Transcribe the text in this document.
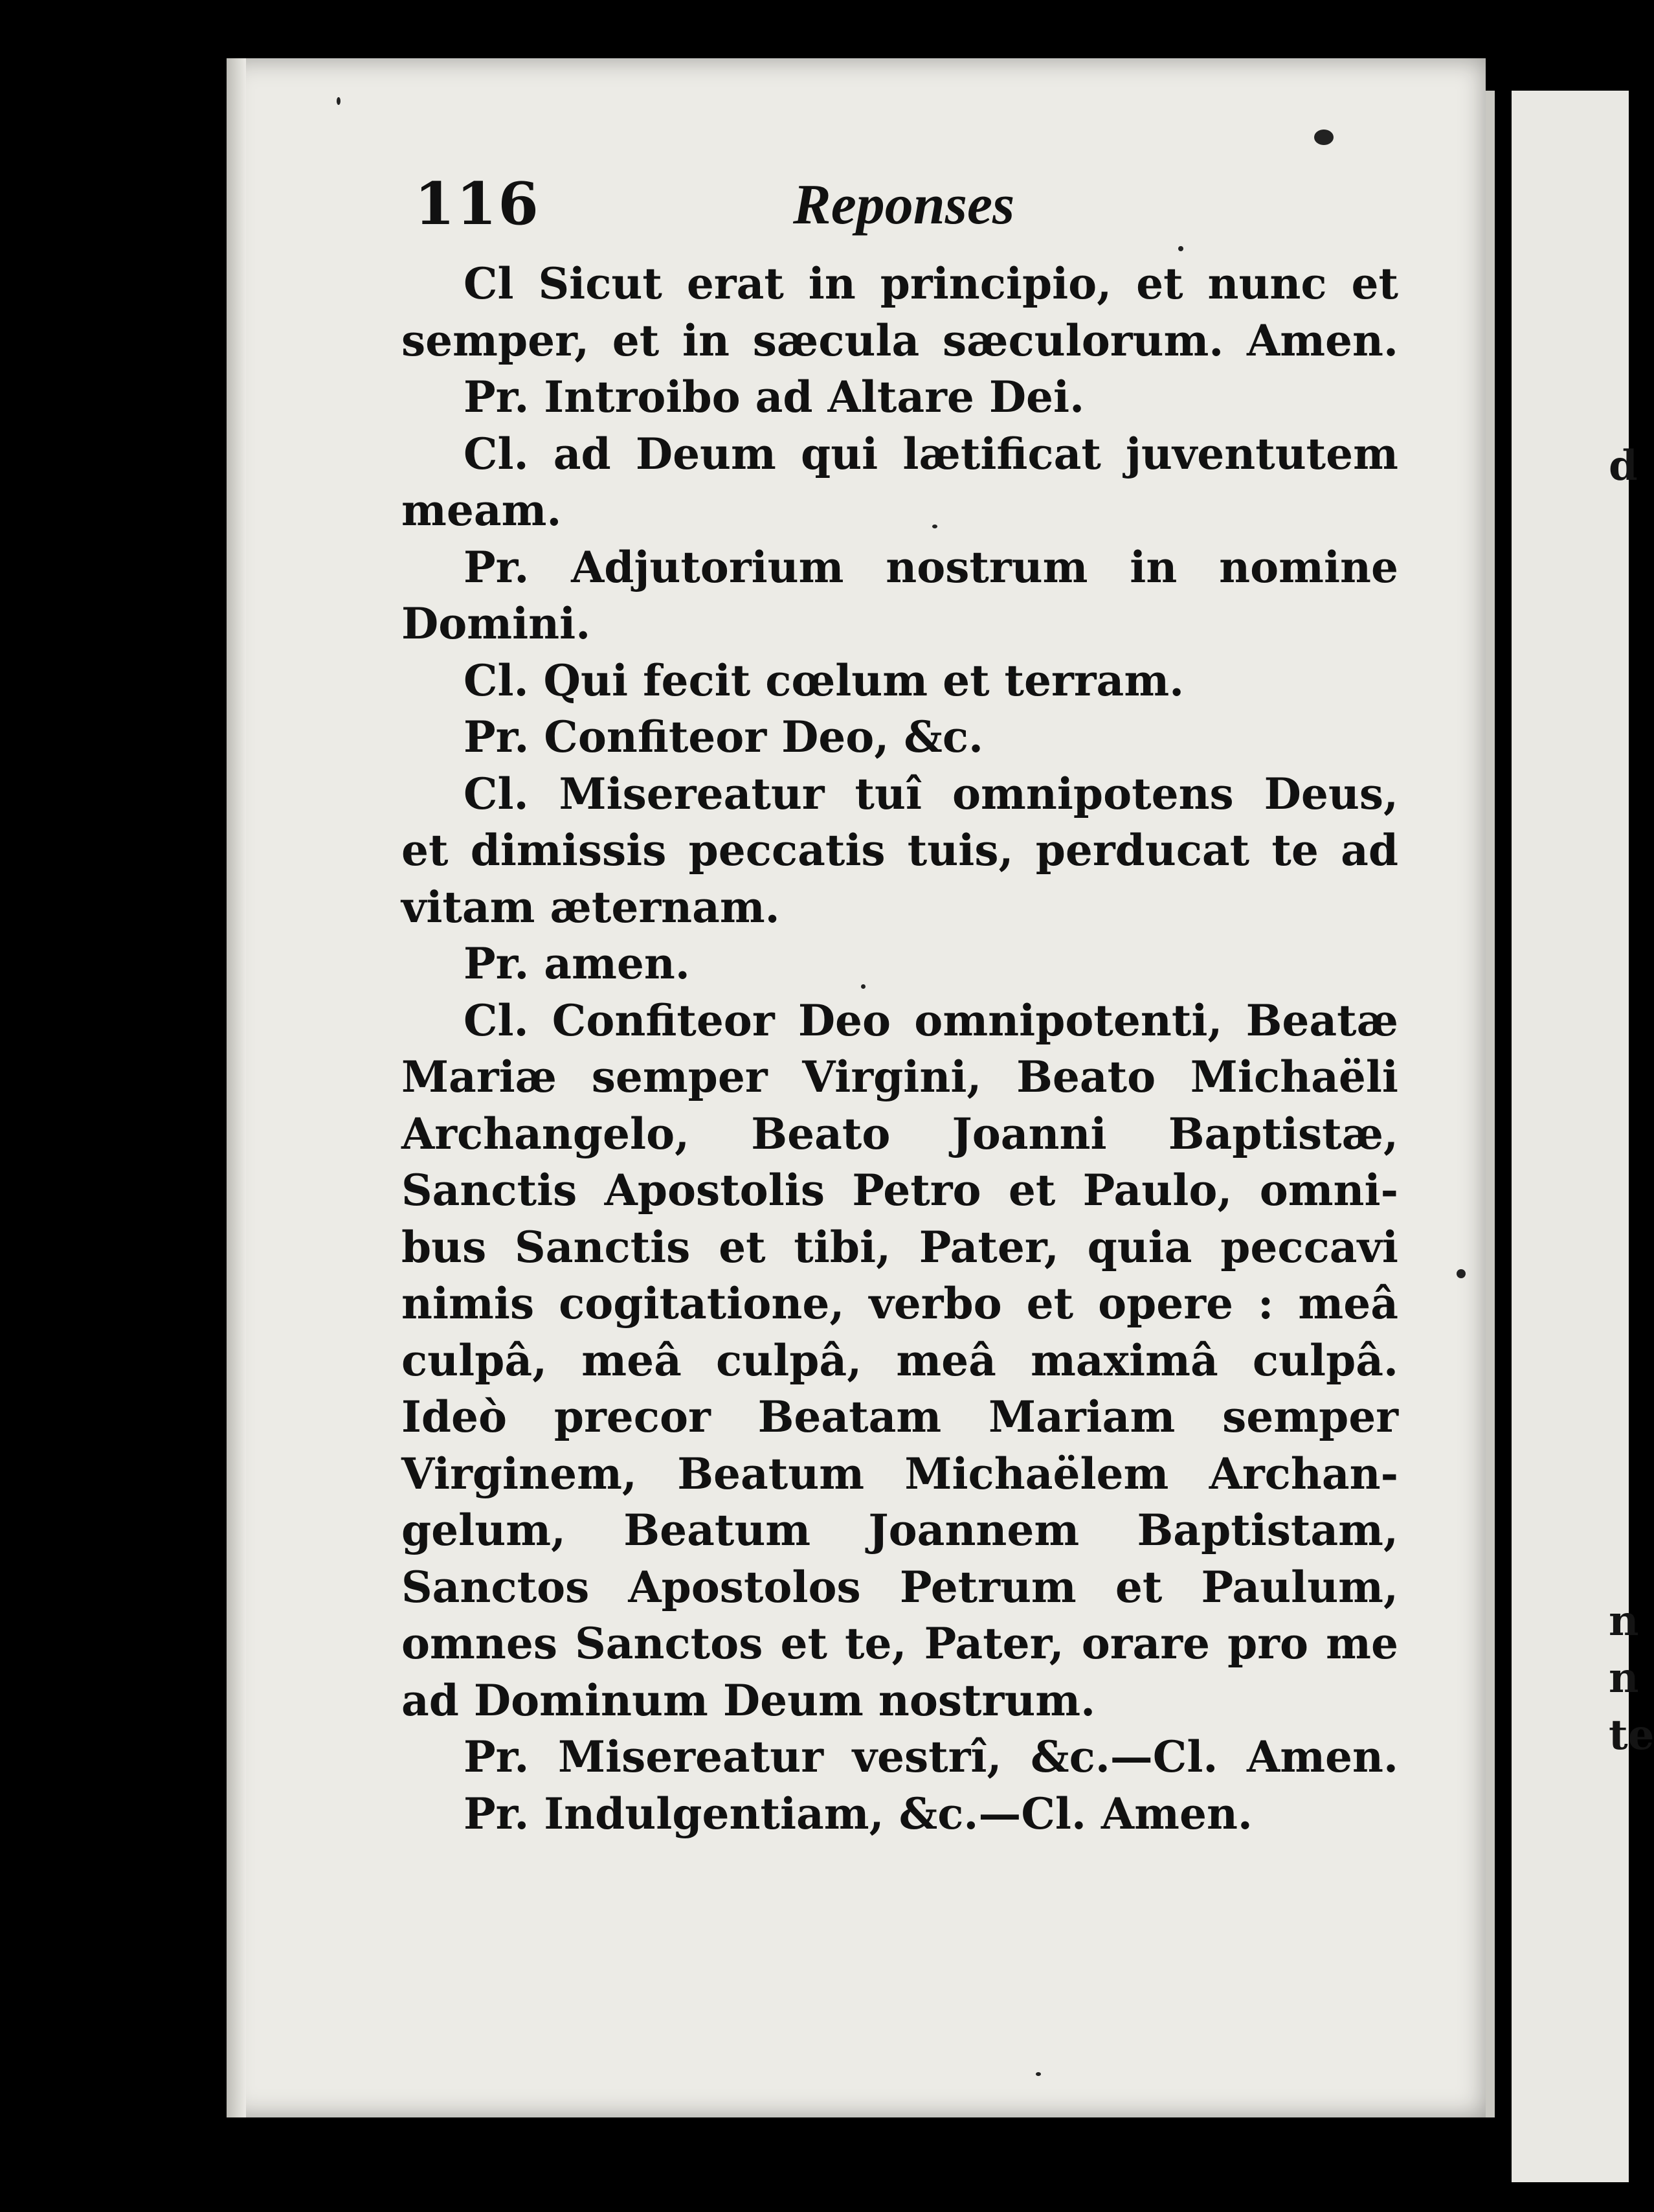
d
n
n
te
116	Reponses
Cl Sicut erat in principio, et nunc et
semper, et in sæcula sæculorum. Amen.
Pr. Introibo ad Altare Dei.
Cl. ad Deum qui lætificat juventutem
meam.
Pr. Adjutorium nostrum in nomine
Domini.
Cl. Qui fecit cœlum et terram.
Pr. Confiteor Deo, &c.
Cl. Misereatur tuî omnipotens Deus,
et dimissis peccatis tuis, perducat te ad
vitam æternam.
Pr. amen.
Cl. Confiteor Deo omnipotenti, Beatæ
Mariæ semper Virgini, Beato Michaëli
Archangelo, Beato Joanni Baptistæ,
Sanctis Apostolis Petro et Paulo, omni-
bus Sanctis et tibi, Pater, quia peccavi
nimis cogitatione, verbo et opere : meâ
culpâ, meâ culpâ, meâ maximâ culpâ.
Ideò precor Beatam Mariam semper
Virginem, Beatum Michaëlem Archan-
gelum, Beatum Joannem Baptistam,
Sanctos Apostolos Petrum et Paulum,
omnes Sanctos et te, Pater, orare pro me
ad Dominum Deum nostrum.
Pr. Misereatur vestrî, &c.—Cl. Amen.
Pr. Indulgentiam, &c.—Cl. Amen.
